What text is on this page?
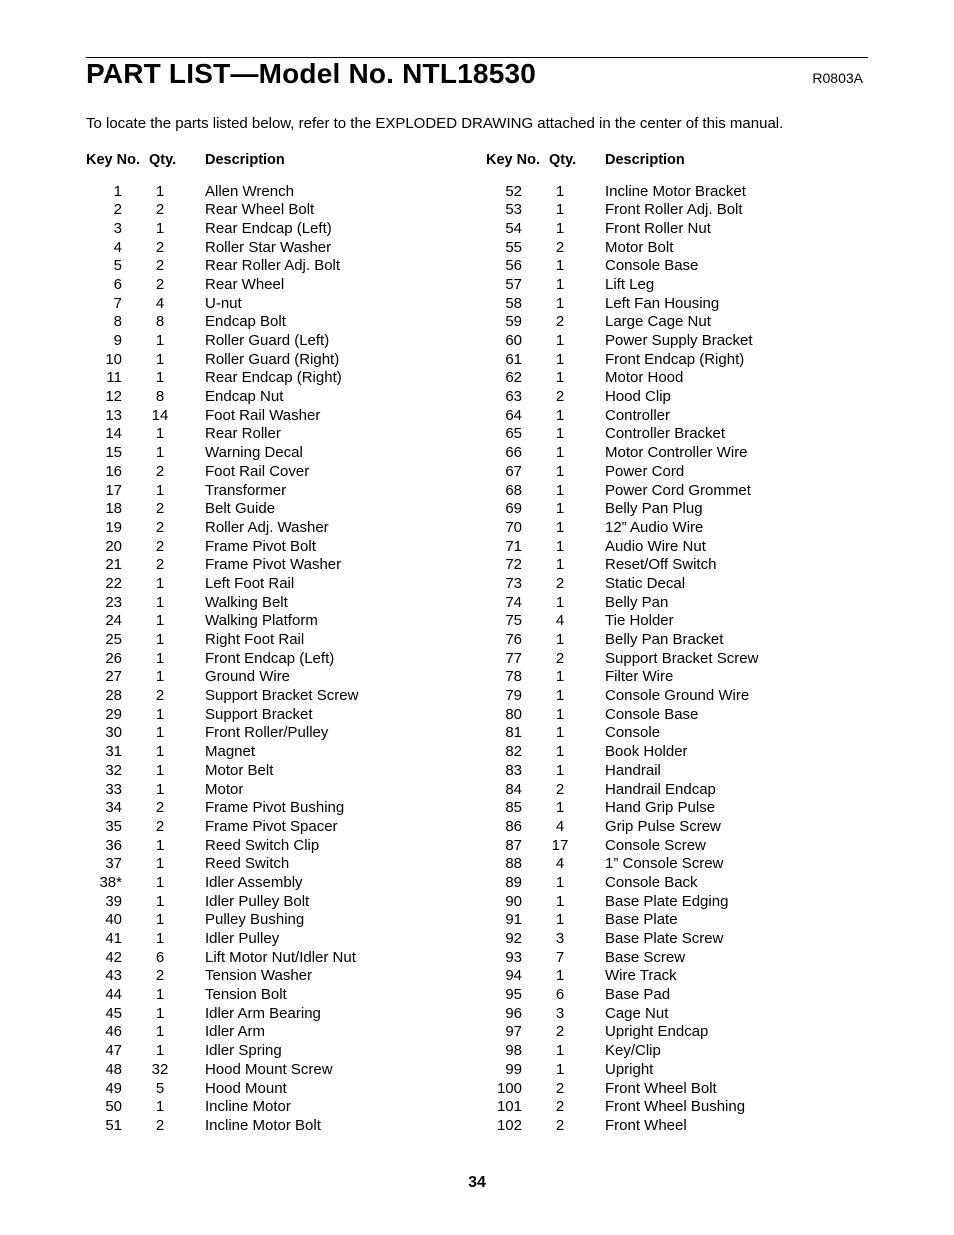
PART LIST—Model No. NTL18530	R0803A
To locate the parts listed below, refer to the EXPLODED DRAWING attached in the center of this manual.
Key No. Qty. Description
1	1	Allen Wrench
2	2	Rear Wheel Bolt
3	1	Rear Endcap (Left)
4	2	Roller Star Washer
5	2	Rear Roller Adj. Bolt
6	2	Rear Wheel
7	4	U-nut
8	8	Endcap Bolt
9	1	Roller Guard (Left)
10	1	Roller Guard (Right)
11	1	Rear Endcap (Right)
12	8	Endcap Nut
13	14	Foot Rail Washer
14	1	Rear Roller
15	1	Warning Decal
16	2	Foot Rail Cover
17	1	Transformer
18	2	Belt Guide
19	2	Roller Adj. Washer
20	2	Frame Pivot Bolt
21	2	Frame Pivot Washer
22	1	Left Foot Rail
23	1	Walking Belt
24	1	Walking Platform
25	1	Right Foot Rail
26	1	Front Endcap (Left)
27	1	Ground Wire
28	2	Support Bracket Screw
29	1	Support Bracket
30	1	Front Roller/Pulley
31	1	Magnet
32	1	Motor Belt
33	1	Motor
34	2	Frame Pivot Bushing
35	2	Frame Pivot Spacer
36	1	Reed Switch Clip
37	1	Reed Switch
38*	1	Idler Assembly
39	1	Idler Pulley Bolt
40	1	Pulley Bushing
41	1	Idler Pulley
42	6	Lift Motor Nut/Idler Nut
43	2	Tension Washer
44	1	Tension Bolt
45	1	Idler Arm Bearing
46	1	Idler Arm
47	1	Idler Spring
48	32	Hood Mount Screw
49	5	Hood Mount
50	1	Incline Motor
51	2	Incline Motor Bolt
Key No. Qty. Description
52	1	Incline Motor Bracket
53	1	Front Roller Adj. Bolt
54	1	Front Roller Nut
55	2	Motor Bolt
56	1	Console Base
57	1	Lift Leg
58	1	Left Fan Housing
59	2	Large Cage Nut
60	1	Power Supply Bracket
61	1	Front Endcap (Right)
62	1	Motor Hood
63	2	Hood Clip
64	1	Controller
65	1	Controller Bracket
66	1	Motor Controller Wire
67	1	Power Cord
68	1	Power Cord Grommet
69	1	Belly Pan Plug
70	1	12” Audio Wire
71	1	Audio Wire Nut
72	1	Reset/Off Switch
73	2	Static Decal
74	1	Belly Pan
75	4	Tie Holder
76	1	Belly Pan Bracket
77	2	Support Bracket Screw
78	1	Filter Wire
79	1	Console Ground Wire
80	1	Console Base
81	1	Console
82	1	Book Holder
83	1	Handrail
84	2	Handrail Endcap
85	1	Hand Grip Pulse
86	4	Grip Pulse Screw
87	17	Console Screw
88	4	1” Console Screw
89	1	Console Back
90	1	Base Plate Edging
91	1	Base Plate
92	3	Base Plate Screw
93	7	Base Screw
94	1	Wire Track
95	6	Base Pad
96	3	Cage Nut
97	2	Upright Endcap
98	1	Key/Clip
99	1	Upright
100	2	Front Wheel Bolt
101	2	Front Wheel Bushing
102	2	Front Wheel
34
